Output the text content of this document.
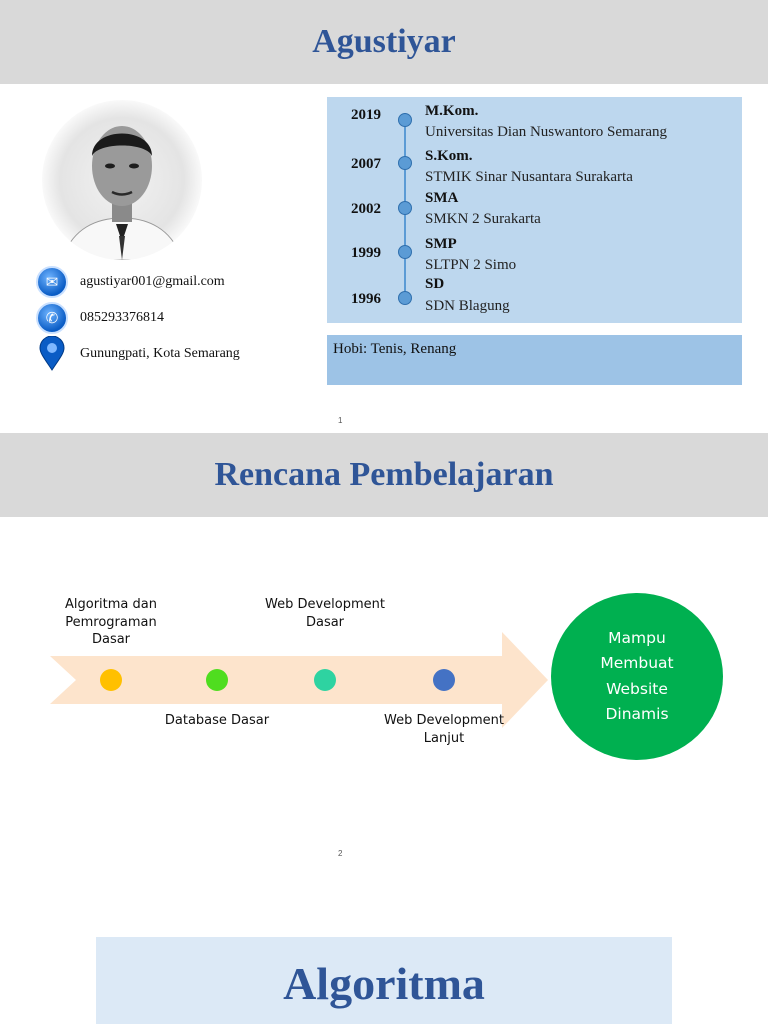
Agustiyar
✉ agustiyar001@gmail.com
✆ 085293376814
Gunungpati, Kota Semarang
2019	M.Kom.
Universitas Dian Nuswantoro Semarang
2007	S.Kom.
STMIK Sinar Nusantara Surakarta
2002
SMA
SMKN 2 Surakarta
1999
SMP
SLTPN 2 Simo
1996
SD
SDN Blagung
Hobi: Tenis, Renang
1
Rencana Pembelajaran
Algoritma dan Pemrograman Dasar
Database Dasar
Web Development Dasar
Web Development Lanjut
Mampu
Membuat
Website
Dinamis
2
Algoritma
